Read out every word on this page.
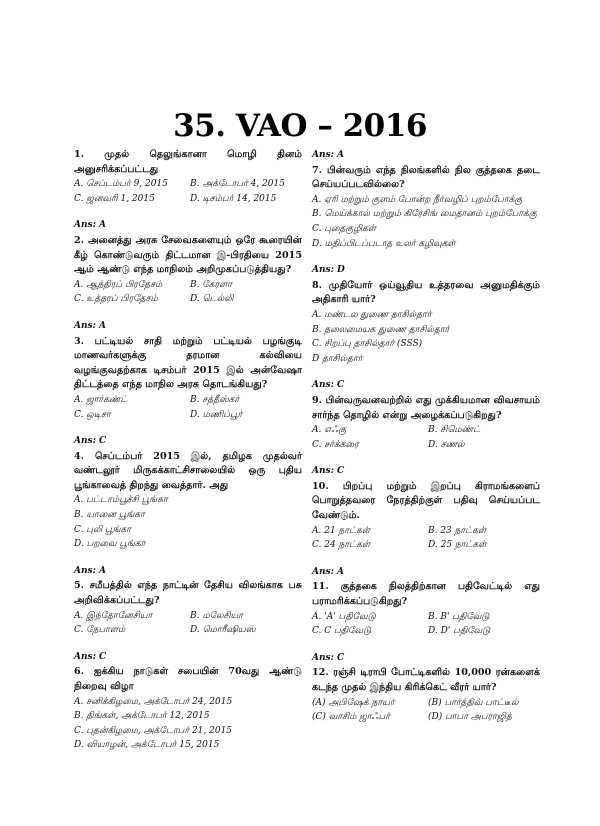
35. VAO – 2016
1. முதல் தெலுங்கானா மொழி தினம் அனுசரிக்கப்பட்டது
A. செப்டம்பர் 9, 2015	B. அக்டோபர் 4, 2015
C. ஜனவரி 1, 2015	D. டிசம்பர் 14, 2015
Ans: A
2. அனைத்து அரசு சேவைகளையும் ஒரே கூரையின் கீழ் கொண்டுவரும் திட்டமான இ-பிரதியை 2015 ஆம் ஆண்டு எந்த மாநிலம் அறிமுகப்படுத்தியது?
A. ஆந்திரப் பிரதேசம்	B. கேரளா
C. உத்தரப் பிரதேசம்	D. டெல்லி
Ans: A
3. பட்டியல் சாதி மற்றும் பட்டியல் பழங்குடி மாணவர்களுக்கு தரமான கல்வியை வழங்குவதற்காக டிசம்பர் 2015 இல் அன்வேஷா திட்டத்தை எந்த மாநில அரசு தொடங்கியது?
A. ஜார்கண்ட்	B. சத்தீஸ்கர்
C. ஒடிசா	D. மணிப்பூர்
Ans: C
4. செப்டம்பர் 2015 இல், தமிழக முதல்வர் வண்டலூர் மிருகக்காட்சிசாலையில் ஒரு புதிய பூங்காவைத் திறந்து வைத்தார். அது
A. பட்டாம்பூச்சி பூங்கா
B. யானை பூங்கா
C. புலி பூங்கா
D. பறவை பூங்கா
Ans: A
5. சமீபத்தில் எந்த நாட்டின் தேசிய விலங்காக பசு அறிவிக்கப்பட்டது?
A. இந்தோனேசியா	B. மலேசியா
C. நேபாளம்	D. மொரீஷியஸ்
Ans: C
6. ஐக்கிய நாடுகள் சபையின் 70வது ஆண்டு நிறைவு விழா
A. சனிக்கிழமை, அக்டோபர் 24, 2015
B. திங்கள், அக்டோபர் 12, 2015
C. புதன்கிழமை, அக்டோபர் 21, 2015
D. வியாழன், அக்டோபர் 15, 2015
Ans: A
7. பின்வரும் எந்த நிலங்களில் நில குத்தகை தடை செய்யப்படவில்லை?
A. ஏரி மற்றும் குளம் போன்ற நீர்வழிப் புறம்போக்கு
B. மெய்க்கால் மற்றும் கிரேசிங் மைதானம் புறம்போக்கு
C. புதைகுழிகள்
D. மதிப்பிடப்படாத உலர் கழிவுகள்
Ans: D
8. முதியோர் ஒய்வூதிய உத்தரவை அனுமதிக்கும் அதிகாரி யார்?
A. மண்டல துணை தாசில்தார்
B. தலைமையக துணை தாசில்தார்
C. சிறப்பு தாசில்தார் (SSS)
D தாசில்தார்
Ans: C
9. பின்வருவனவற்றில் எது முக்கியமான விவசாயம் சார்ந்த தொழில் என்று அழைக்கப்படுகிறது?
A. எஃகு	B. சிமெண்ட்
C. சர்க்கரை	D. சணல்
Ans: C
10. பிறப்பு மற்றும் இறப்பு கிராமங்களைப் பொறுத்தவரை நேரத்திற்குள் பதிவு செய்யப்பட வேண்டும்.
A. 21 நாட்கள்	B. 23 நாட்கள்
C. 24 நாட்கள்	D. 25 நாட்கள்
Ans: A
11. குத்தகை நிலத்திற்கான பதிவேட்டில் எது பராமரிக்கப்படுகிறது?
A. 'A' பதிவேடு	B. B' பதிவேடு
C. C பதிவேடு	D. D' பதிவேடு
Ans: C
12. ரஞ்சி டிராபி போட்டிகளில் 10,000 ரன்களைக் கடந்த முதல் இந்திய கிரிக்கெட் வீரர் யார்?
(A) அபிஷேக் நாயர்	(B) பார்த்திவ் பாட்டீல்
(C) வாசிம் ஜாஃபர்	(D) பாபா அபராஜித்
